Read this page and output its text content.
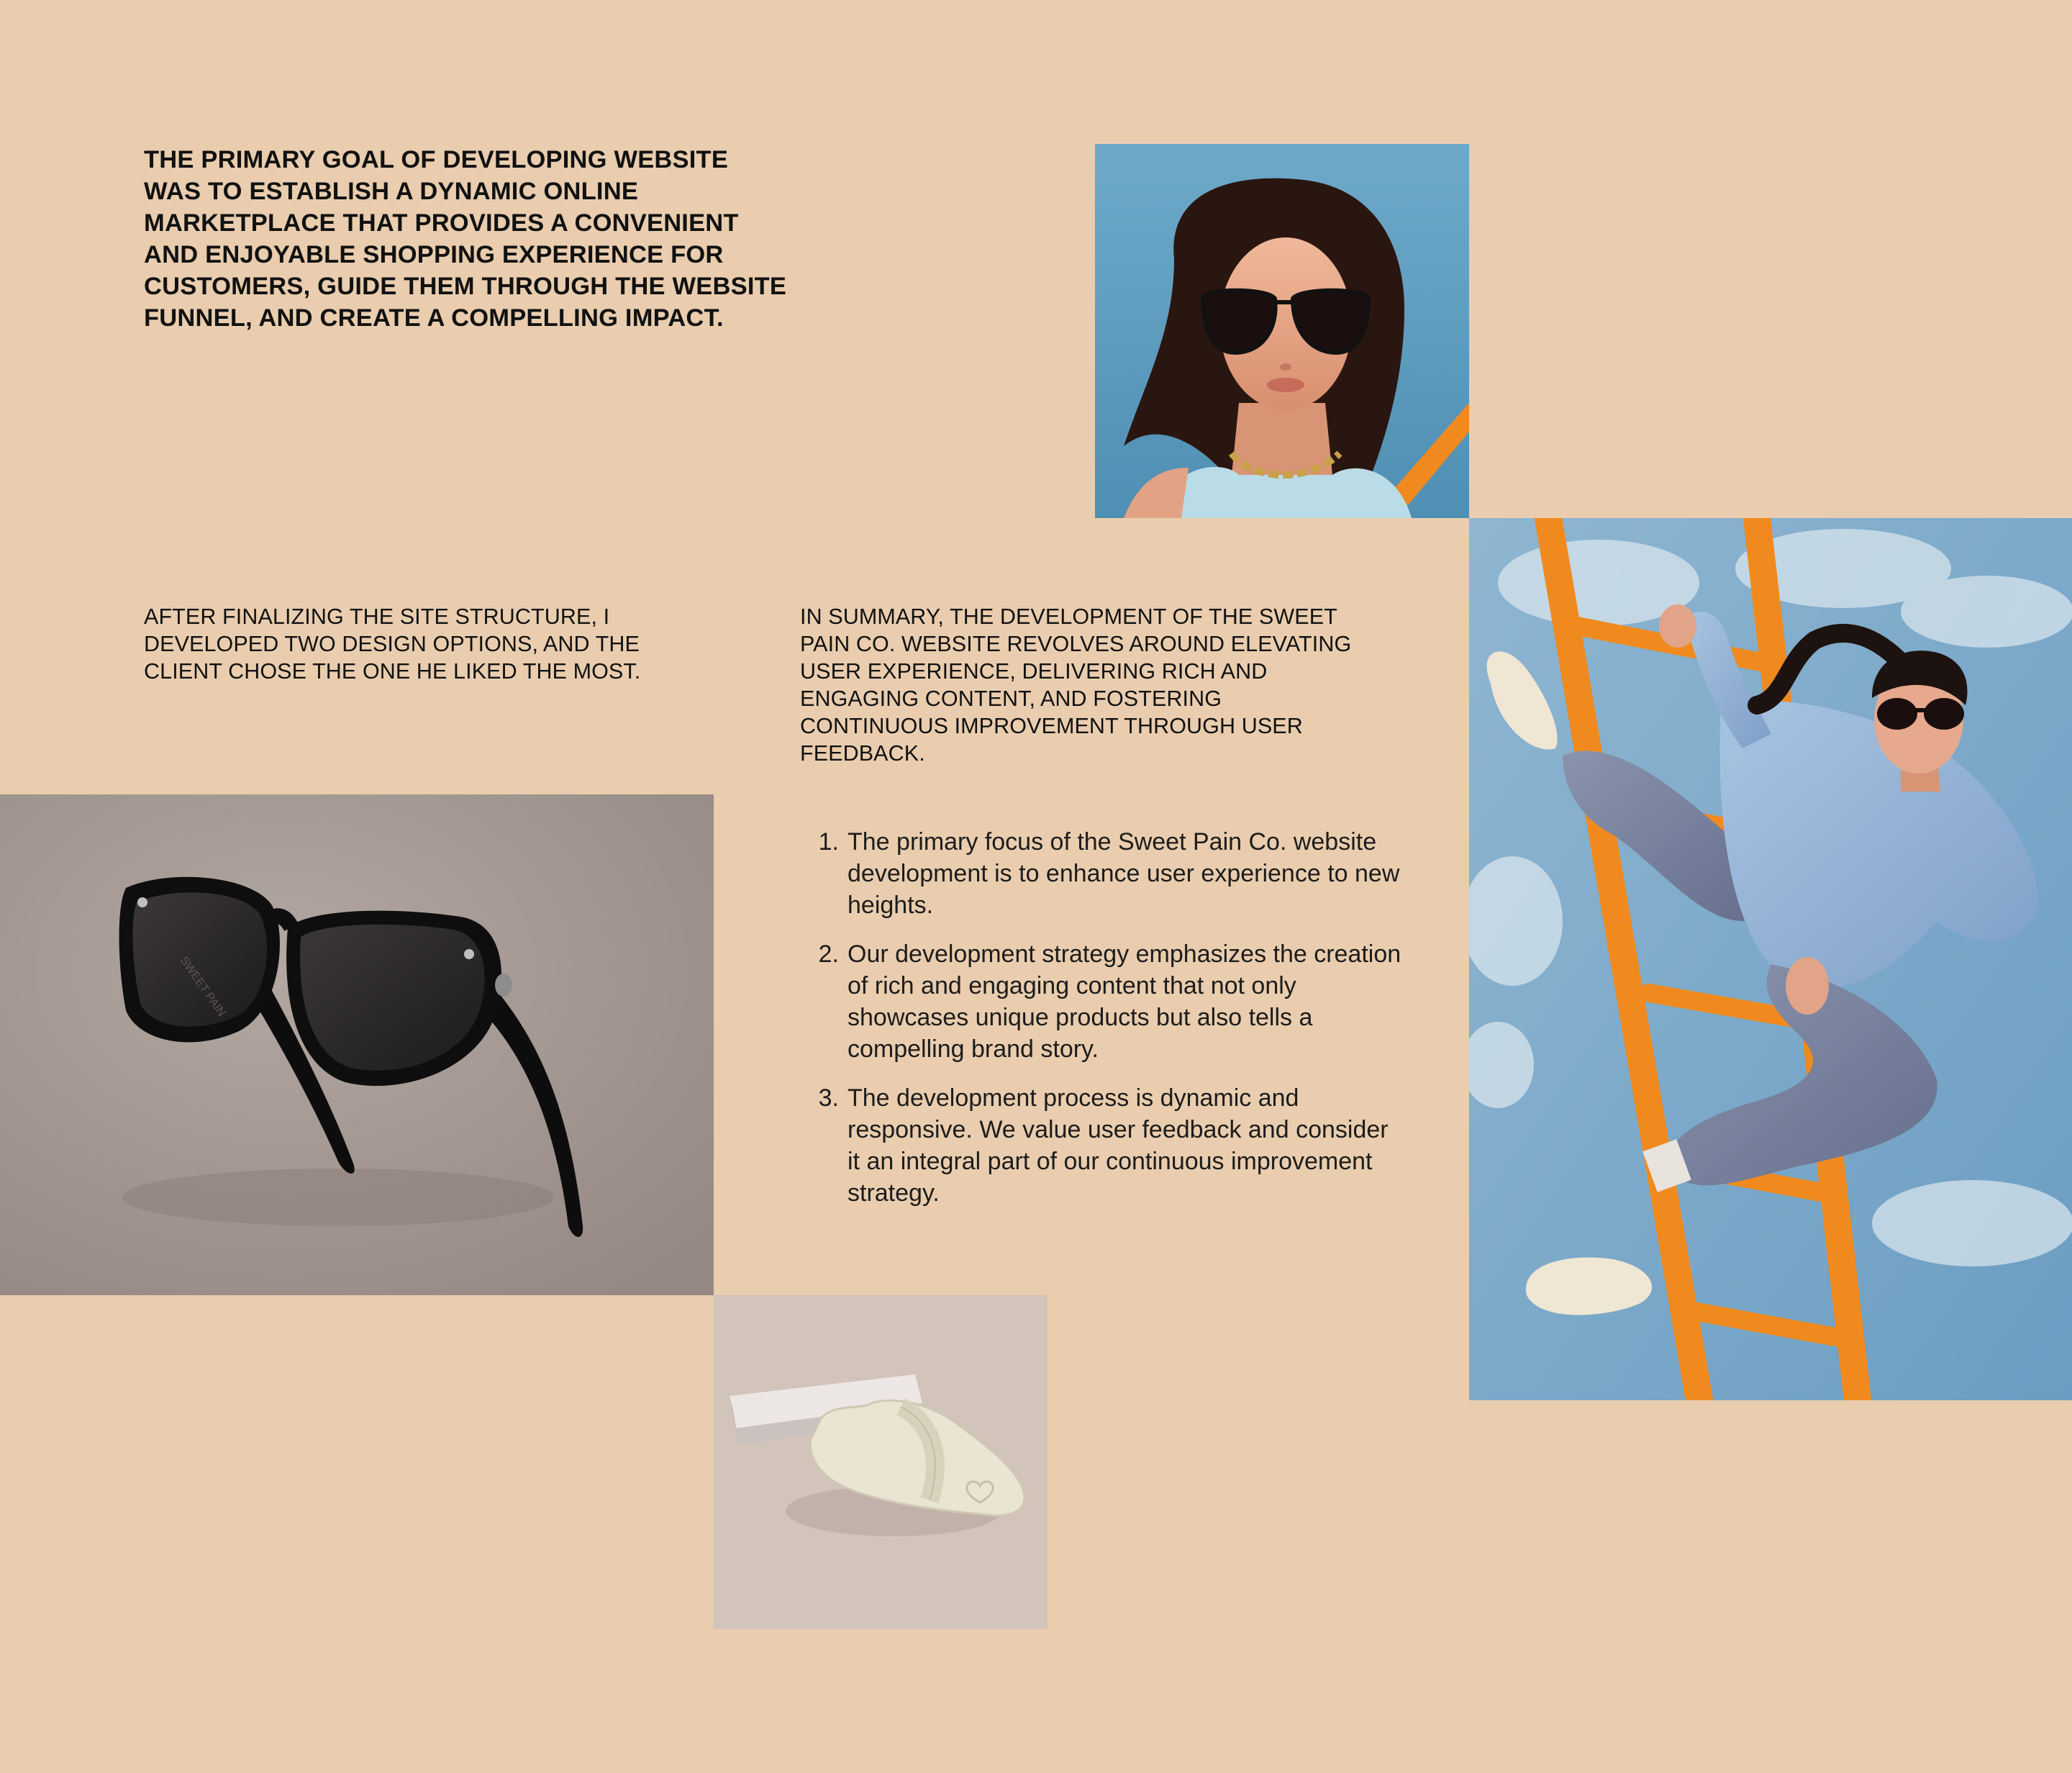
THE PRIMARY GOAL OF DEVELOPING WEBSITE WAS TO ESTABLISH A DYNAMIC ONLINE MARKETPLACE THAT PROVIDES A CONVENIENT AND ENJOYABLE SHOPPING EXPERIENCE FOR CUSTOMERS, GUIDE THEM THROUGH THE WEBSITE FUNNEL, AND CREATE A COMPELLING IMPACT.

AFTER FINALIZING THE SITE STRUCTURE, I DEVELOPED TWO DESIGN OPTIONS, AND THE CLIENT CHOSE THE ONE HE LIKED THE MOST.

IN SUMMARY, THE DEVELOPMENT OF THE SWEET PAIN CO. WEBSITE REVOLVES AROUND ELEVATING USER EXPERIENCE, DELIVERING RICH AND ENGAGING CONTENT, AND FOSTERING CONTINUOUS IMPROVEMENT THROUGH USER FEEDBACK.

1. The primary focus of the Sweet Pain Co. website development is to enhance user experience to new heights.
2. Our development strategy emphasizes the creation of rich and engaging content that not only showcases unique products but also tells a compelling brand story.
3. The development process is dynamic and responsive. We value user feedback and consider it an integral part of our continuous improvement strategy.
SWEET PAIN
